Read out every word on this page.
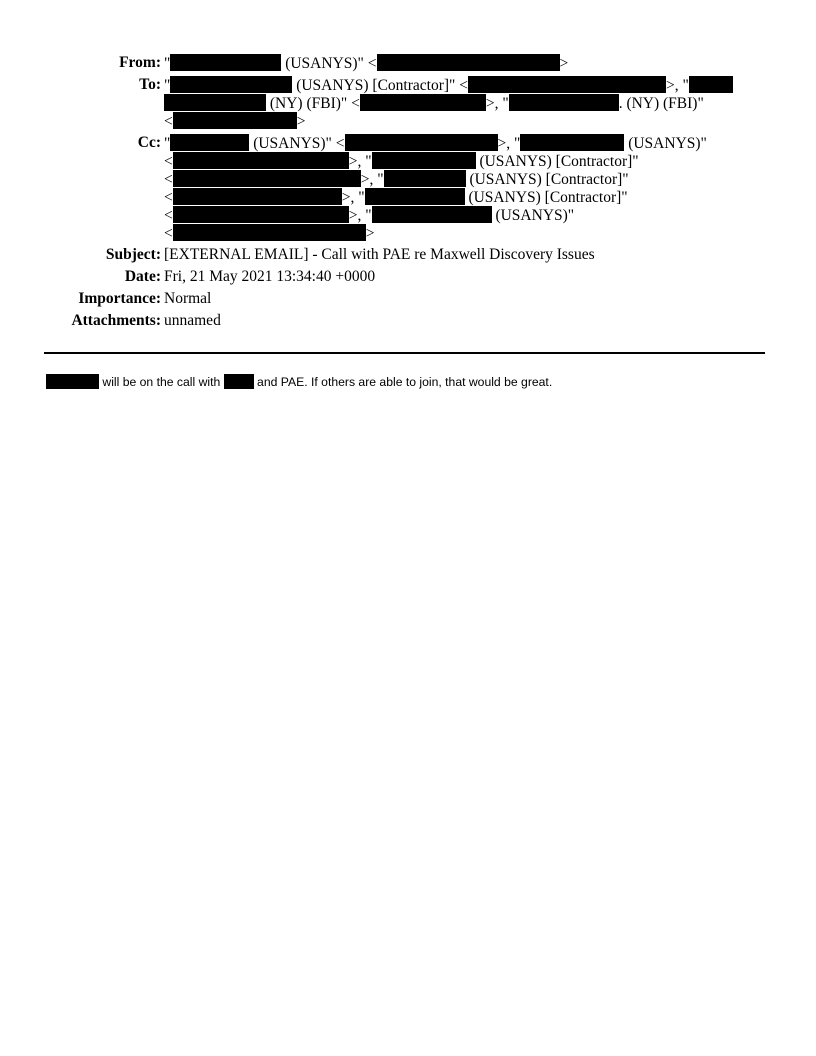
From: "	(USANYS)" <	>
To: "	(USANYS) [Contractor]" <	>, "
(NY) (FBI)" <	>, "	. (NY) (FBI)"
<	>
Cc: "	(USANYS)" <	>, "	(USANYS)"
<	>, "	(USANYS) [Contractor]"
<	>, "	(USANYS) [Contractor]"
<	>, "	(USANYS) [Contractor]"
<	>, "	(USANYS)"
<	>
Subject: [EXTERNAL EMAIL] - Call with PAE re Maxwell Discovery Issues
Date: Fri, 21 May 2021 13:34:40 +0000
Importance: Normal
Attachments: unnamed
will be on the call with  and PAE. If others are able to join, that would be great.
